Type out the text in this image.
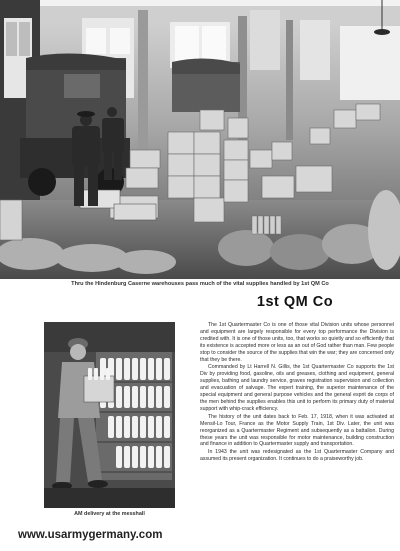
Thru the Hindenburg Caserne warehouses pass much of the vital supplies handled by 1st QM Co
1st QM Co
AM delivery at the messhall

The 1st Quartermaster Co is one of those vital Division units whose personnel and equipment are largely responsible for every top performance the Division is credited with. It is one of those units, too, that works so quietly and so efficiently that its existence is accepted more or less as an out of God rather than man. Few people stop to consider the source of the supplies that win the war; they are concerned only that they be there.

Commanded by Lt Harrell N. Gillis, the 1st Quartermaster Co supports the 1st Div by providing food, gasoline, oils and greases, clothing and equipment, general supplies, bathing and laundry service, graves registration supervision and collection and evacuation of salvage. The expert training, the superior maintenance of the special equipment and general purpose vehicles and the general esprit de corps of the men behind the supplies enables this unit to perform its primary duty of material support with whip-crack efficiency.

The history of the unit dates back to Feb. 17, 1918, when it was activated at Mensil-Lo Tour, France as the Motor Supply Train, 1st Div. Later, the unit was reorganized as a Quartermaster Regiment and subsequently as a battalion. During these years the unit was responsible for motor maintenance, building construction and finance in addition to Quartermaster supply and transportation.

In 1943 the unit was redesignated as the 1st Quartermaster Company and assumed its present organization. It continues to do a praiseworthy job.

www.usarmygermany.com
